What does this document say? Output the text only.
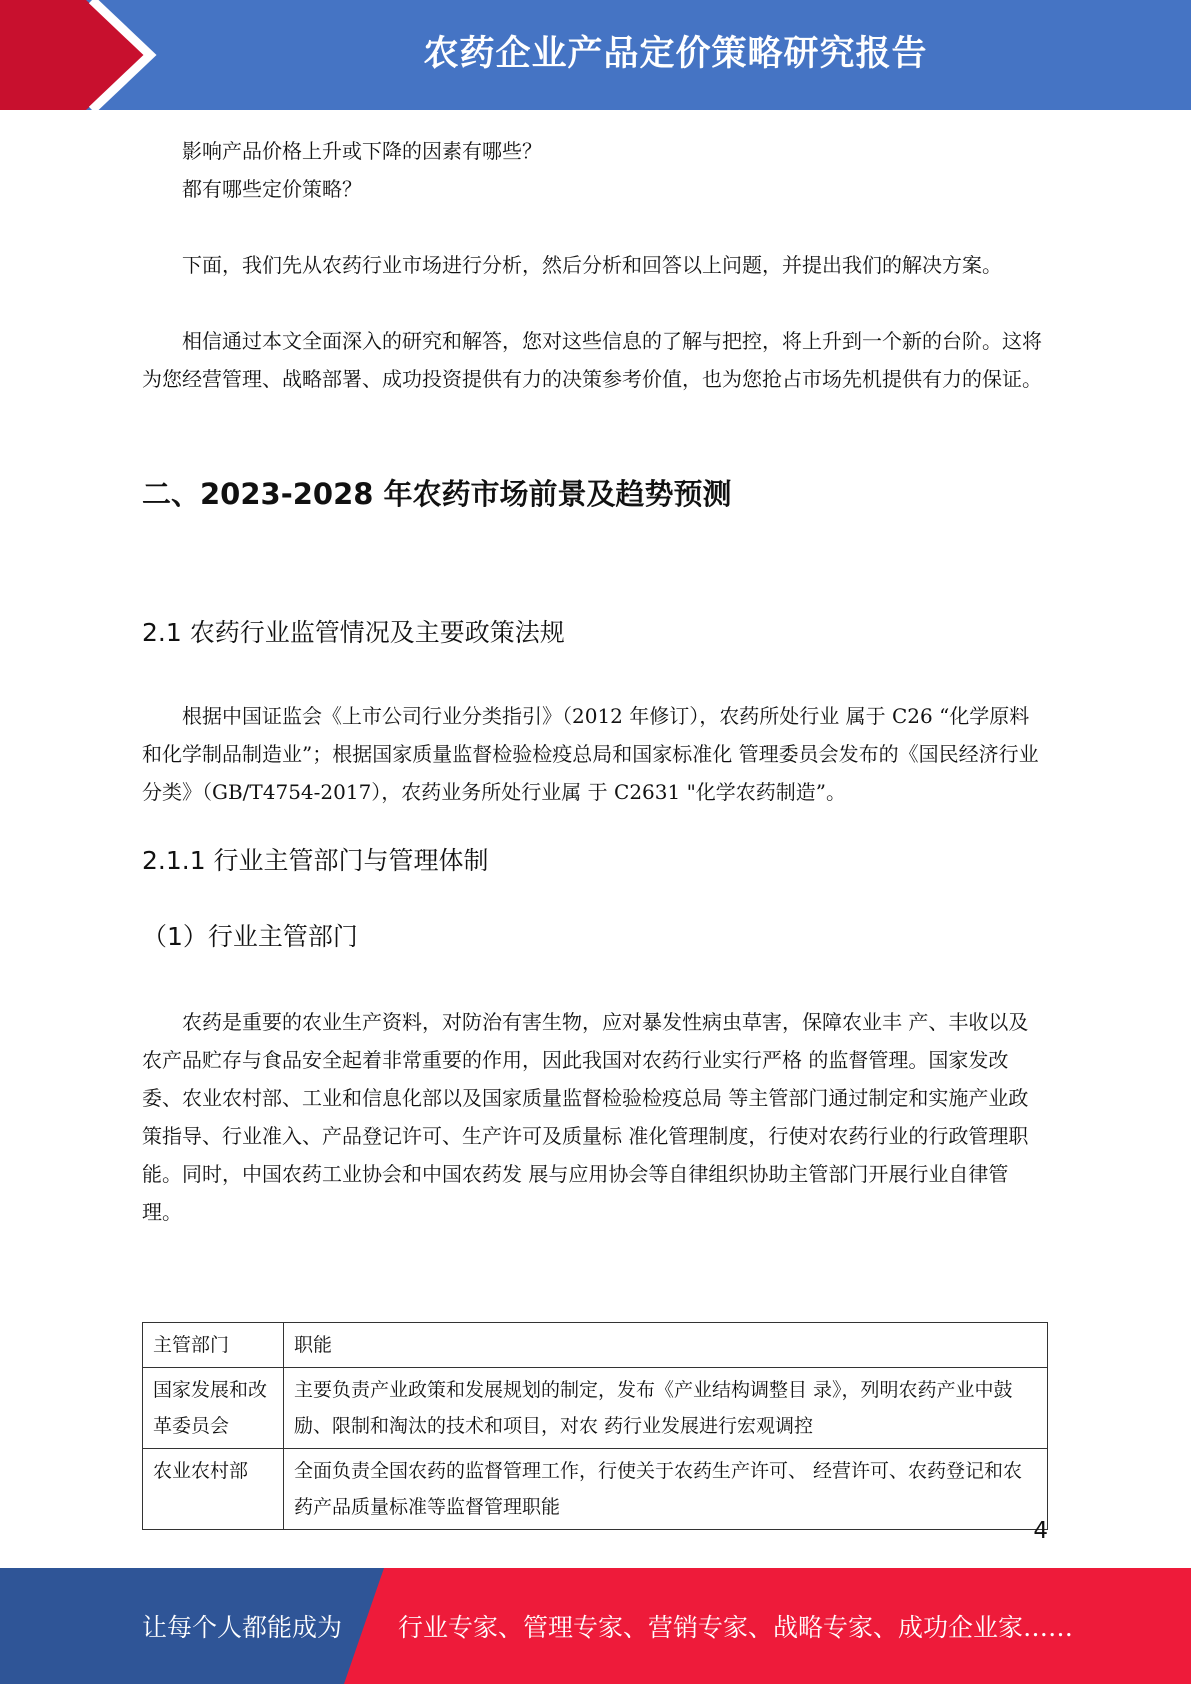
农药企业产品定价策略研究报告

影响产品价格上升或下降的因素有哪些？

都有哪些定价策略？

下面，我们先从农药行业市场进行分析，然后分析和回答以上问题，并提出我们的解决方案。

相信通过本文全面深入的研究和解答，您对这些信息的了解与把控，将上升到一个新的台阶。这将为您经营管理、战略部署、成功投资提供有力的决策参考价值，也为您抢占市场先机提供有力的保证。

二、2023-2028 年农药市场前景及趋势预测
2.1 农药行业监管情况及主要政策法规

根据中国证监会《上市公司行业分类指引》（2012 年修订），农药所处行业 属于 C26 “化学原料和化学制品制造业”；根据国家质量监督检验检疫总局和国家标准化 管理委员会发布的《国民经济行业分类》（GB/T4754-2017），农药业务所处行业属 于 C2631 "化学农药制造”。

2.1.1 行业主管部门与管理体制
（1）行业主管部门

农药是重要的农业生产资料，对防治有害生物，应对暴发性病虫草害，保障农业丰 产、丰收以及农产品贮存与食品安全起着非常重要的作用，因此我国对农药行业实行严格 的监督管理。国家发改委、农业农村部、工业和信息化部以及国家质量监督检验检疫总局 等主管部门通过制定和实施产业政策指导、行业准入、产品登记许可、生产许可及质量标 准化管理制度，行使对农药行业的行政管理职能。同时，中国农药工业协会和中国农药发 展与应用协会等自律组织协助主管部门开展行业自律管理。

主管部门	职能
国家发展和改革委员会	主要负责产业政策和发展规划的制定，发布《产业结构调整目 录》，列明农药产业中鼓励、限制和淘汰的技术和项目，对农 药行业发展进行宏观调控
农业农村部	全面负责全国农药的监督管理工作，行使关于农药生产许可、 经营许可、农药登记和农药产品质量标准等监督管理职能
4
让每个人都能成为 行业专家、管理专家、营销专家、战略专家、成功企业家……
